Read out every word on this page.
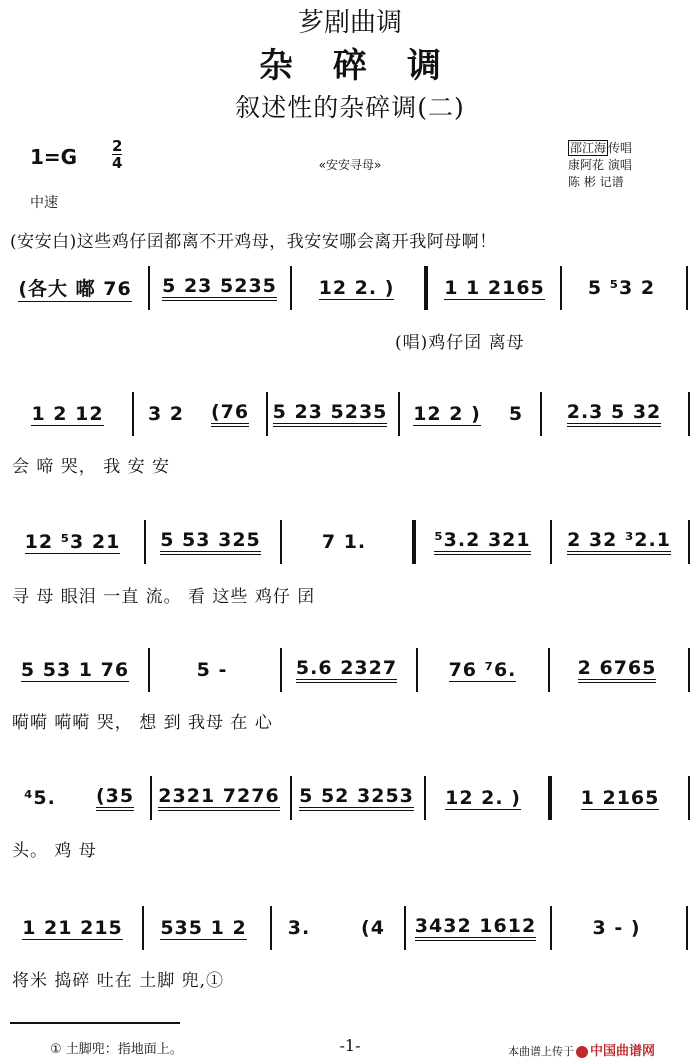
芗剧曲调
杂碎调
叙述性的杂碎调(二)
1=G 2
4	«安安寻母»
邵江海 传唱
康阿花 演唱
陈 彬 记谱
中速
(安安白)这些鸡仔囝都离不开鸡母，我安安哪会离开我阿母啊！
(各大 嘟 76 5 23 5235 12 2. )	1 1 2165 5 ⁵3 2
(唱)鸡仔囝 离母
1 2 12 3 2 (76 5 23 5235 12 2 ) 5 2.3 5 32
会 啼 哭， 我 安 安
12 ⁵3 21 5 53 325	7 1.	⁵3.2 321 2 32 ³2.1
寻 母 眼泪 一直 流。 看 这些 鸡仔 囝
5 53 1 76	5 -	5.6 2327	76 ⁷6.	2 6765
嗬嗬 嗬嗬 哭， 想 到 我母 在 心
⁴5. (35 2321 7276 5 52 3253 12 2. )	1 2165
头。 鸡 母
1 21 215 535 1 2 3.	(4 3432 1612	3 - )
将米 捣碎 吐在 土脚 兜,①
① 土脚兜：指地面上。	-1-	本曲谱上传于 中国曲谱网
